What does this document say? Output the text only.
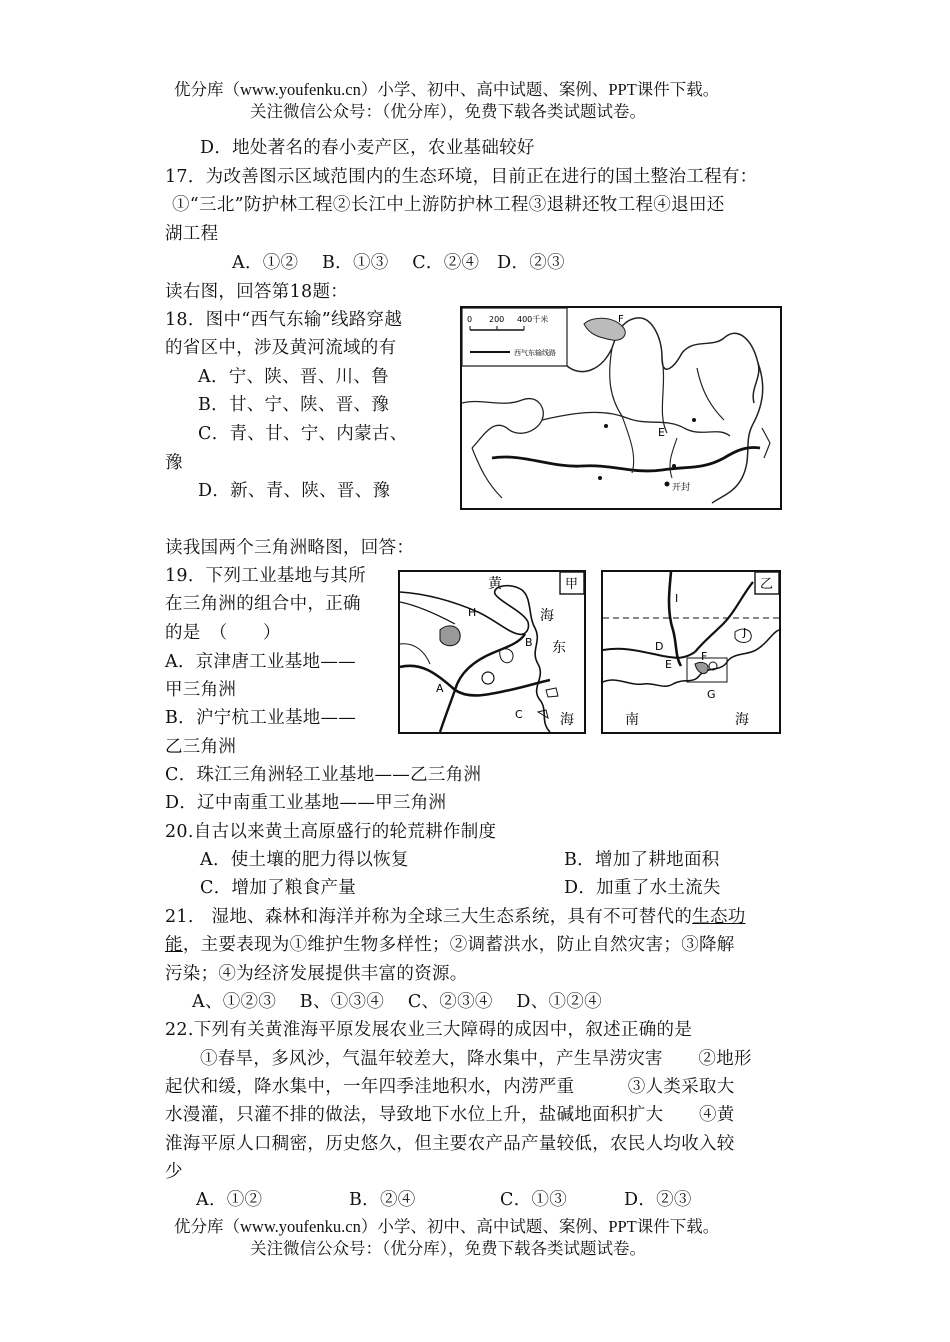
优分库（www.youfenku.cn）小学、初中、高中试题、案例、PPT课件下载。
关注微信公众号：（优分库），免费下载各类试题试卷。
D．地处著名的春小麦产区，农业基础较好
17．为改善图示区域范围内的生态环境，目前正在进行的国土整治工程有：
①“三北”防护林工程②长江中上游防护林工程③退耕还牧工程④退田还
湖工程
A．①②　 B．①③　 C．②④　D．②③
读右图，回答第18题：
18．图中“西气东输”线路穿越
的省区中，涉及黄河流域的有
A．宁、陕、晋、川、鲁
B．甘、宁、陕、晋、豫
C．青、甘、宁、内蒙古、
豫
D．新、青、陕、晋、豫
0 200 400千米
西气东输线路
F
E
开封
读我国两个三角洲略图，回答：
19．下列工业基地与其所
在三角洲的组合中，正确
的是　（　　）
A．京津唐工业基地——
甲三角洲
B．沪宁杭工业基地——
乙三角洲
C．珠江三角洲轻工业基地——乙三角洲
D．辽中南重工业基地——甲三角洲
甲
黄
海
东
海
H
B
A
C
乙
I
J
D
E
F
G
南	海
20.自古以来黄土高原盛行的轮荒耕作制度
A．使土壤的肥力得以恢复	B．增加了耕地面积
C．增加了粮食产量	D．加重了水土流失
21.　湿地、森林和海洋并称为全球三大生态系统，具有不可替代的生态功
能，主要表现为①维护生物多样性；②调蓄洪水，防止自然灾害；③降解
污染；④为经济发展提供丰富的资源。
A、①②③　 B、①③④　 C、②③④　 D、①②④
22.下列有关黄淮海平原发展农业三大障碍的成因中，叙述正确的是
①春旱，多风沙，气温年较差大，降水集中，产生旱涝灾害　　②地形
起伏和缓，降水集中，一年四季洼地积水，内涝严重　　　③人类采取大
水漫灌，只灌不排的做法，导致地下水位上升，盐碱地面积扩大　　④黄
淮海平原人口稠密，历史悠久，但主要农产品产量较低，农民人均收入较
少
A．①②	B．②④	C．①③	D．②③
优分库（www.youfenku.cn）小学、初中、高中试题、案例、PPT课件下载。
关注微信公众号：（优分库），免费下载各类试题试卷。
